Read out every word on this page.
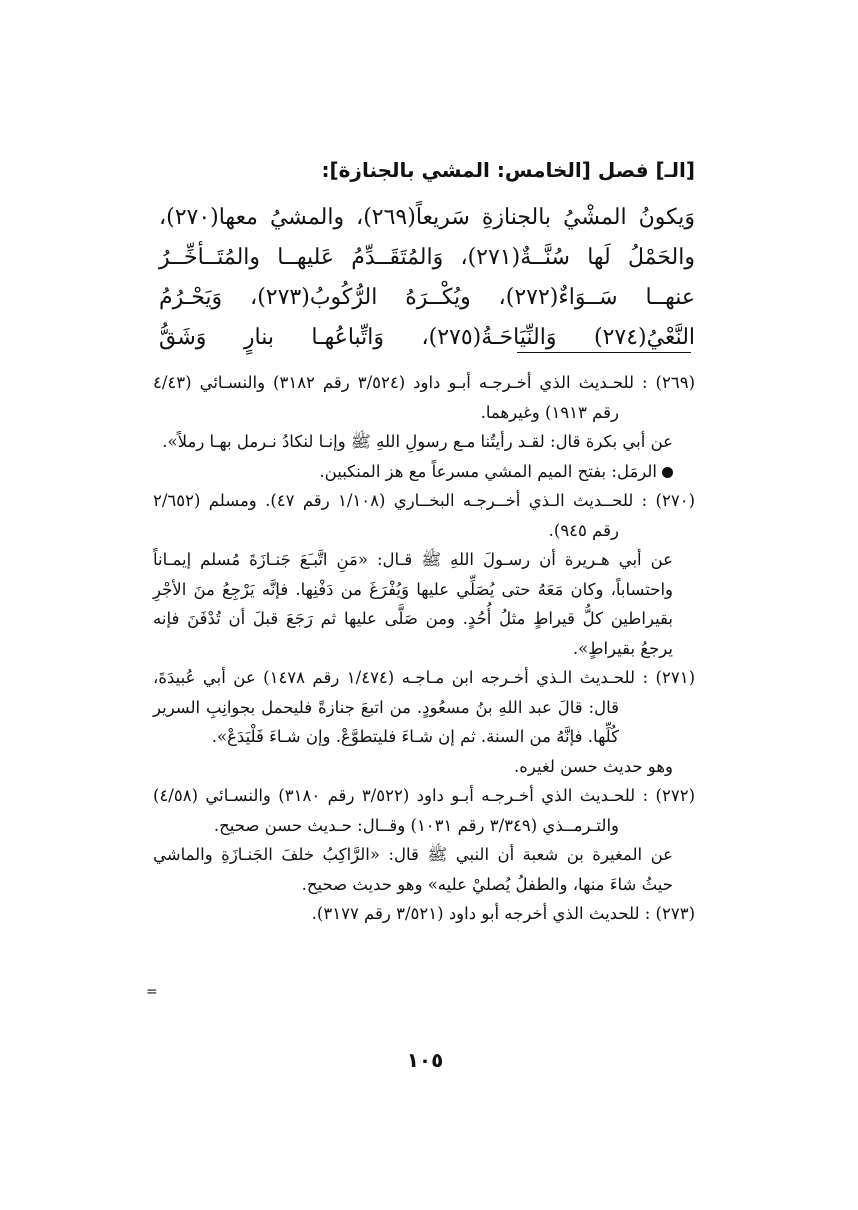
[الـ] فصل [الخامس: المشي بالجنازة]:
وَيكونُ المشْيُ بالجنازةِ سَريعاً(٢٦٩)، والمشيُ معها(٢٧٠)، والحَمْلُ لَها سُنَّــةٌ(٢٧١)، وَالمُتَقَــدِّمُ عَليهــا والمُتَــأخِّــرُ عنهــا سَــوَاءٌ(٢٧٢)، ويُكْــرَهُ الرُّكُوبُ(٢٧٣)، وَيَحْـرُمُ النَّعْيُ(٢٧٤) وَالنِّيَاحَـةُ(٢٧٥)، وَاتِّباعُهـا بنارٍ وَشَقُّ

(٢٦٩) : للحـديث الذي أخـرجـه أبـو داود (٣/٥٢٤ رقم ٣١٨٢) والنسـائي (٤/٤٣ رقم ١٩١٣) وغيرهما.

عن أبي بكرة قال: لقـد رأيتُنا مـع رسولِ اللهِ ﷺ وإنـا لنكادُ نـرمل بهـا رملاً».

الرمَل: بفتح الميم المشي مسرعاً مع هز المنكبين.

(٢٧٠) : للحــديث الـذي أخــرجـه البخــاري (١/١٠٨ رقم ٤٧). ومسلم (٢/٦٥٢ رقم ٩٤٥).

عن أبي هـريرة أن رسـولَ اللهِ ﷺ قـال: «مَنِ اتَّبـَعَ جَنـازَةَ مُسلم إيمـاناً واحتساباً، وكان مَعَهُ حتى يُصَلِّي عليها وَيُفْرَغَ من دَفْنِها. فإنَّه يَرْجِعُ منَ الأجْرِ بقيراطين كلُّ قيراطٍ مثلُ أُحُدٍ. ومن صَلَّى عليها ثم رَجَعَ قبلَ أن تُدْفَنَ فإنه يرجعُ بقيراطٍ».

(٢٧١) : للحـديث الـذي أخـرجه ابن مـاجـه (١/٤٧٤ رقم ١٤٧٨) عن أبي عُبيدَةَ، قال: قالَ عبد اللهِ بنُ مسعُودٍ. من اتبعَ جنازةً فليحمل بجوانِبِ السرير كُلِّها. فإنَّهُ من السنة. ثم إن شـاءَ فليتطوَّعْ. وإن شـاءَ فَلْيَدَعْ».

وهو حديث حسن لغيره.

(٢٧٢) : للحـديث الذي أخـرجـه أبـو داود (٣/٥٢٢ رقم ٣١٨٠) والنسـائي (٤/٥٨) والتـرمــذي (٣/٣٤٩ رقم ١٠٣١) وقــال: حـديث حسن صحيح.

عن المغيرة بن شعبة أن النبي ﷺ قال: «الرَّاكِبُ خلفَ الجَنـازَةِ والماشي حيثُ شاءَ منها، والطفلُ يُصليْ عليه» وهو حديث صحيح.

(٢٧٣) : للحديث الذي أخرجه أبو داود (٣/٥٢١ رقم ٣١٧٧).

=
١٠٥
